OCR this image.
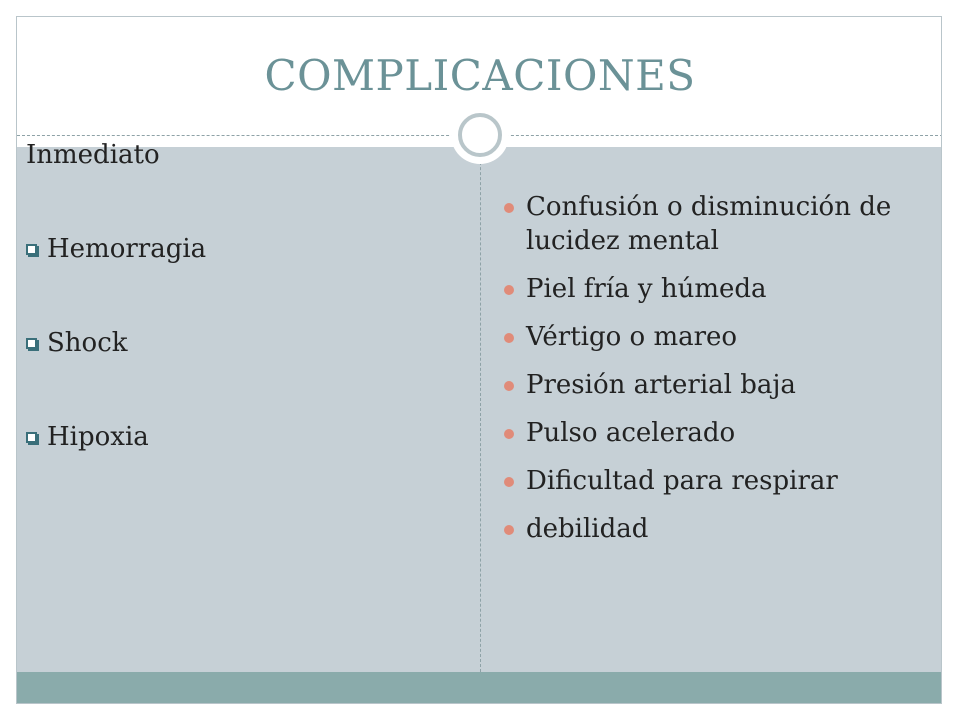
COMPLICACIONES
Inmediato
Hemorragia
Shock
Hipoxia
Confusión o disminución de lucidez mental
Piel fría y húmeda
Vértigo o mareo
Presión arterial baja
Pulso acelerado
Dificultad para respirar
debilidad
